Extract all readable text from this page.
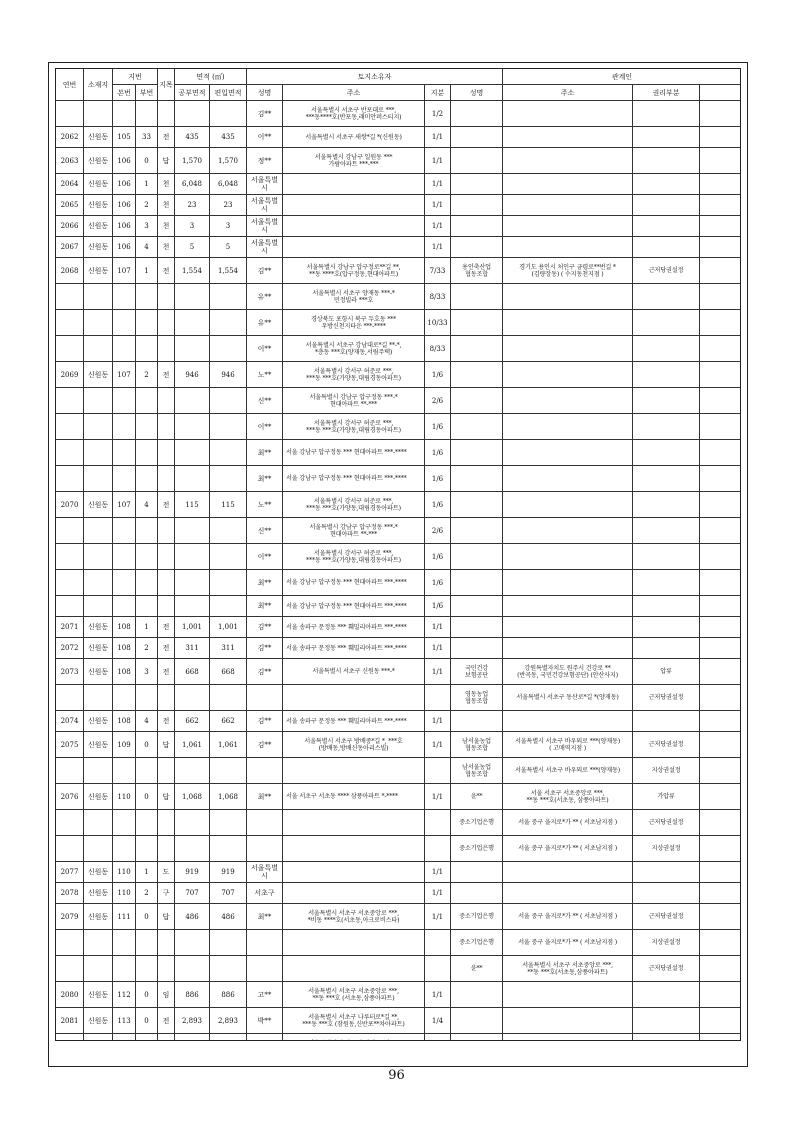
연번	소재지	지번		지목	면적 (㎡)		토지소유자				관계인	
		본번	부번		공부면적	편입면적	성명	주소	지분	성명	주소	권리부분		
							김**	서울특별시 서초구 반포대로 ***,
***동****호(반포동,래미안퍼스티지)	1/2					
2062	신원동	105	33	전	435	435	이**	서울특별시 서초구 새쌍*길 *(신원동)	1/1					
2063	신원동	106	0	답	1,570	1,570	정**	서울특별시 강남구 일원동 ***
가람아파트 ***-***	1/1					
2064	신원동	106	1	천	6,048	6,048	서울특별시		1/1					
2065	신원동	106	2	천	23	23	서울특별시		1/1					
2066	신원동	106	3	천	3	3	서울특별시		1/1					
2067	신원동	106	4	천	5	5	서울특별시		1/1					
2068	신원동	107	1	전	1,554	1,554	김**	서울특별시 강남구 압구정로**길 **,
**동 ****호(압구정동,현대아파트)	7/33	용인축산업
협동조합	경기도 용인시 처인구 금령로**번길 *
(김량장동) ( 수지동천지점 )	근저당권설정		
							유**	서울특별시 서초구 양재동 ***-*
민정빌라 ***호	8/33					
							유**	경상북도 포항시 북구 두호동 ***
우방신천지타운 ***-****	10/33					
							이**	서울특별시 서초구 강남대로*길 **-*,
*층동 ***호(양재동,서림주택)	8/33					
2069	신원동	107	2	전	946	946	노**	서울특별시 강서구 허준로 ***,
***동 ***호(가양동,대림경동아파트)	1/6					
							신**	서울특별시 강남구 압구정동 ***-*
현대아파트 **-***	2/6					
							이**	서울특별시 강서구 허준로 ***,
***동 ***호(가양동,대림경동아파트)	1/6					
							최**	서울 강남구 압구정동 *** 현대아파트 ***-****	1/6					
							최**	서울 강남구 압구정동 *** 현대아파트 ***-****	1/6					
2070	신원동	107	4	전	115	115	노**	서울특별시 강서구 허준로 ***,
***동 ***호(가양동,대림경동아파트)	1/6					
							신**	서울특별시 강남구 압구정동 ***-*
현대아파트 **-***	2/6					
							이**	서울특별시 강서구 허준로 ***,
***동 ***호(가양동,대림경동아파트)	1/6					
							최**	서울 강남구 압구정동 *** 현대아파트 ***-****	1/6					
							최**	서울 강남구 압구정동 *** 현대아파트 ***-****	1/6					
2071	신원동	108	1	전	1,001	1,001	김**	서울 송파구 문정동 *** 훼밀리아파트 ***-****	1/1					
2072	신원동	108	2	전	311	311	김**	서울 송파구 문정동 *** 훼밀리아파트 ***-****	1/1					
2073	신원동	108	3	전	668	668	김**	서울특별시 서초구 신원동 ***-*	1/1	국민건강
보험공단	강원특별자치도 원주시 건강로 **
(반곡동, 국민건강보험공단) (안산사지)	압류		
										영동농업
협동조합	서울특별시 서초구 동산로*길 *(양재동)	근저당권설정		
2074	신원동	108	4	전	662	662	김**	서울 송파구 문정동 *** 훼밀리아파트 ***-****	1/1					
2075	신원동	109	0	답	1,061	1,061	김**	서울특별시 서초구 방배중*길 *, ***호
(방배동,방배신동아리스빌)	1/1	남서울농업
협동조합	서울특별시 서초구 바우뫼로 ***(양재동)
( 고매역지점 )	근저당권설정		
										남서울농업
협동조합	서울특별시 서초구 바우뫼로 ***(양재동)	지상권설정		
2076	신원동	110	0	답	1,068	1,068	최**	서울 서초구 서초동 **** 삼풍아파트 *-****	1/1	윤**	서울 서초구 서초중앙로 ***,
**동 ***호(서초동, 삼풍아파트)	가압류		
										중소기업은행	서울 중구 을지로*가 ** ( 서초남지점 )	근저당권설정		
										중소기업은행	서울 중구 을지로*가 ** ( 서초남지점 )	지상권설정		
2077	신원동	110	1	도	919	919	서울특별시		1/1					
2078	신원동	110	2	구	707	707	서초구		1/1					
2079	신원동	111	0	답	486	486	최**	서울특별시 서초구 서초중앙로 ***,
*비동 ****호(서초동,아크로비스타)	1/1	중소기업은행	서울 중구 을지로*가 ** ( 서초남지점 )	근저당권설정		
										중소기업은행	서울 중구 을지로*가 ** ( 서초남지점 )	지상권설정		
										윤**	서울특별시 서초구 서초중앙로 ***,
**동 ***호(서초동,삼풍아파트)	근저당권설정		
2080	신원동	112	0	임	886	886	고**	서울특별시 서초구 서초중앙로 ***,
**동 ***호 (서초동,삼풍아파트)	1/1					
2081	신원동	113	0	전	2,893	2,893	박**	서울특별시 서초구 나루터로*길 **,
***동 ***호 (잠원동,신반포**차아파트)	1/4					

96
